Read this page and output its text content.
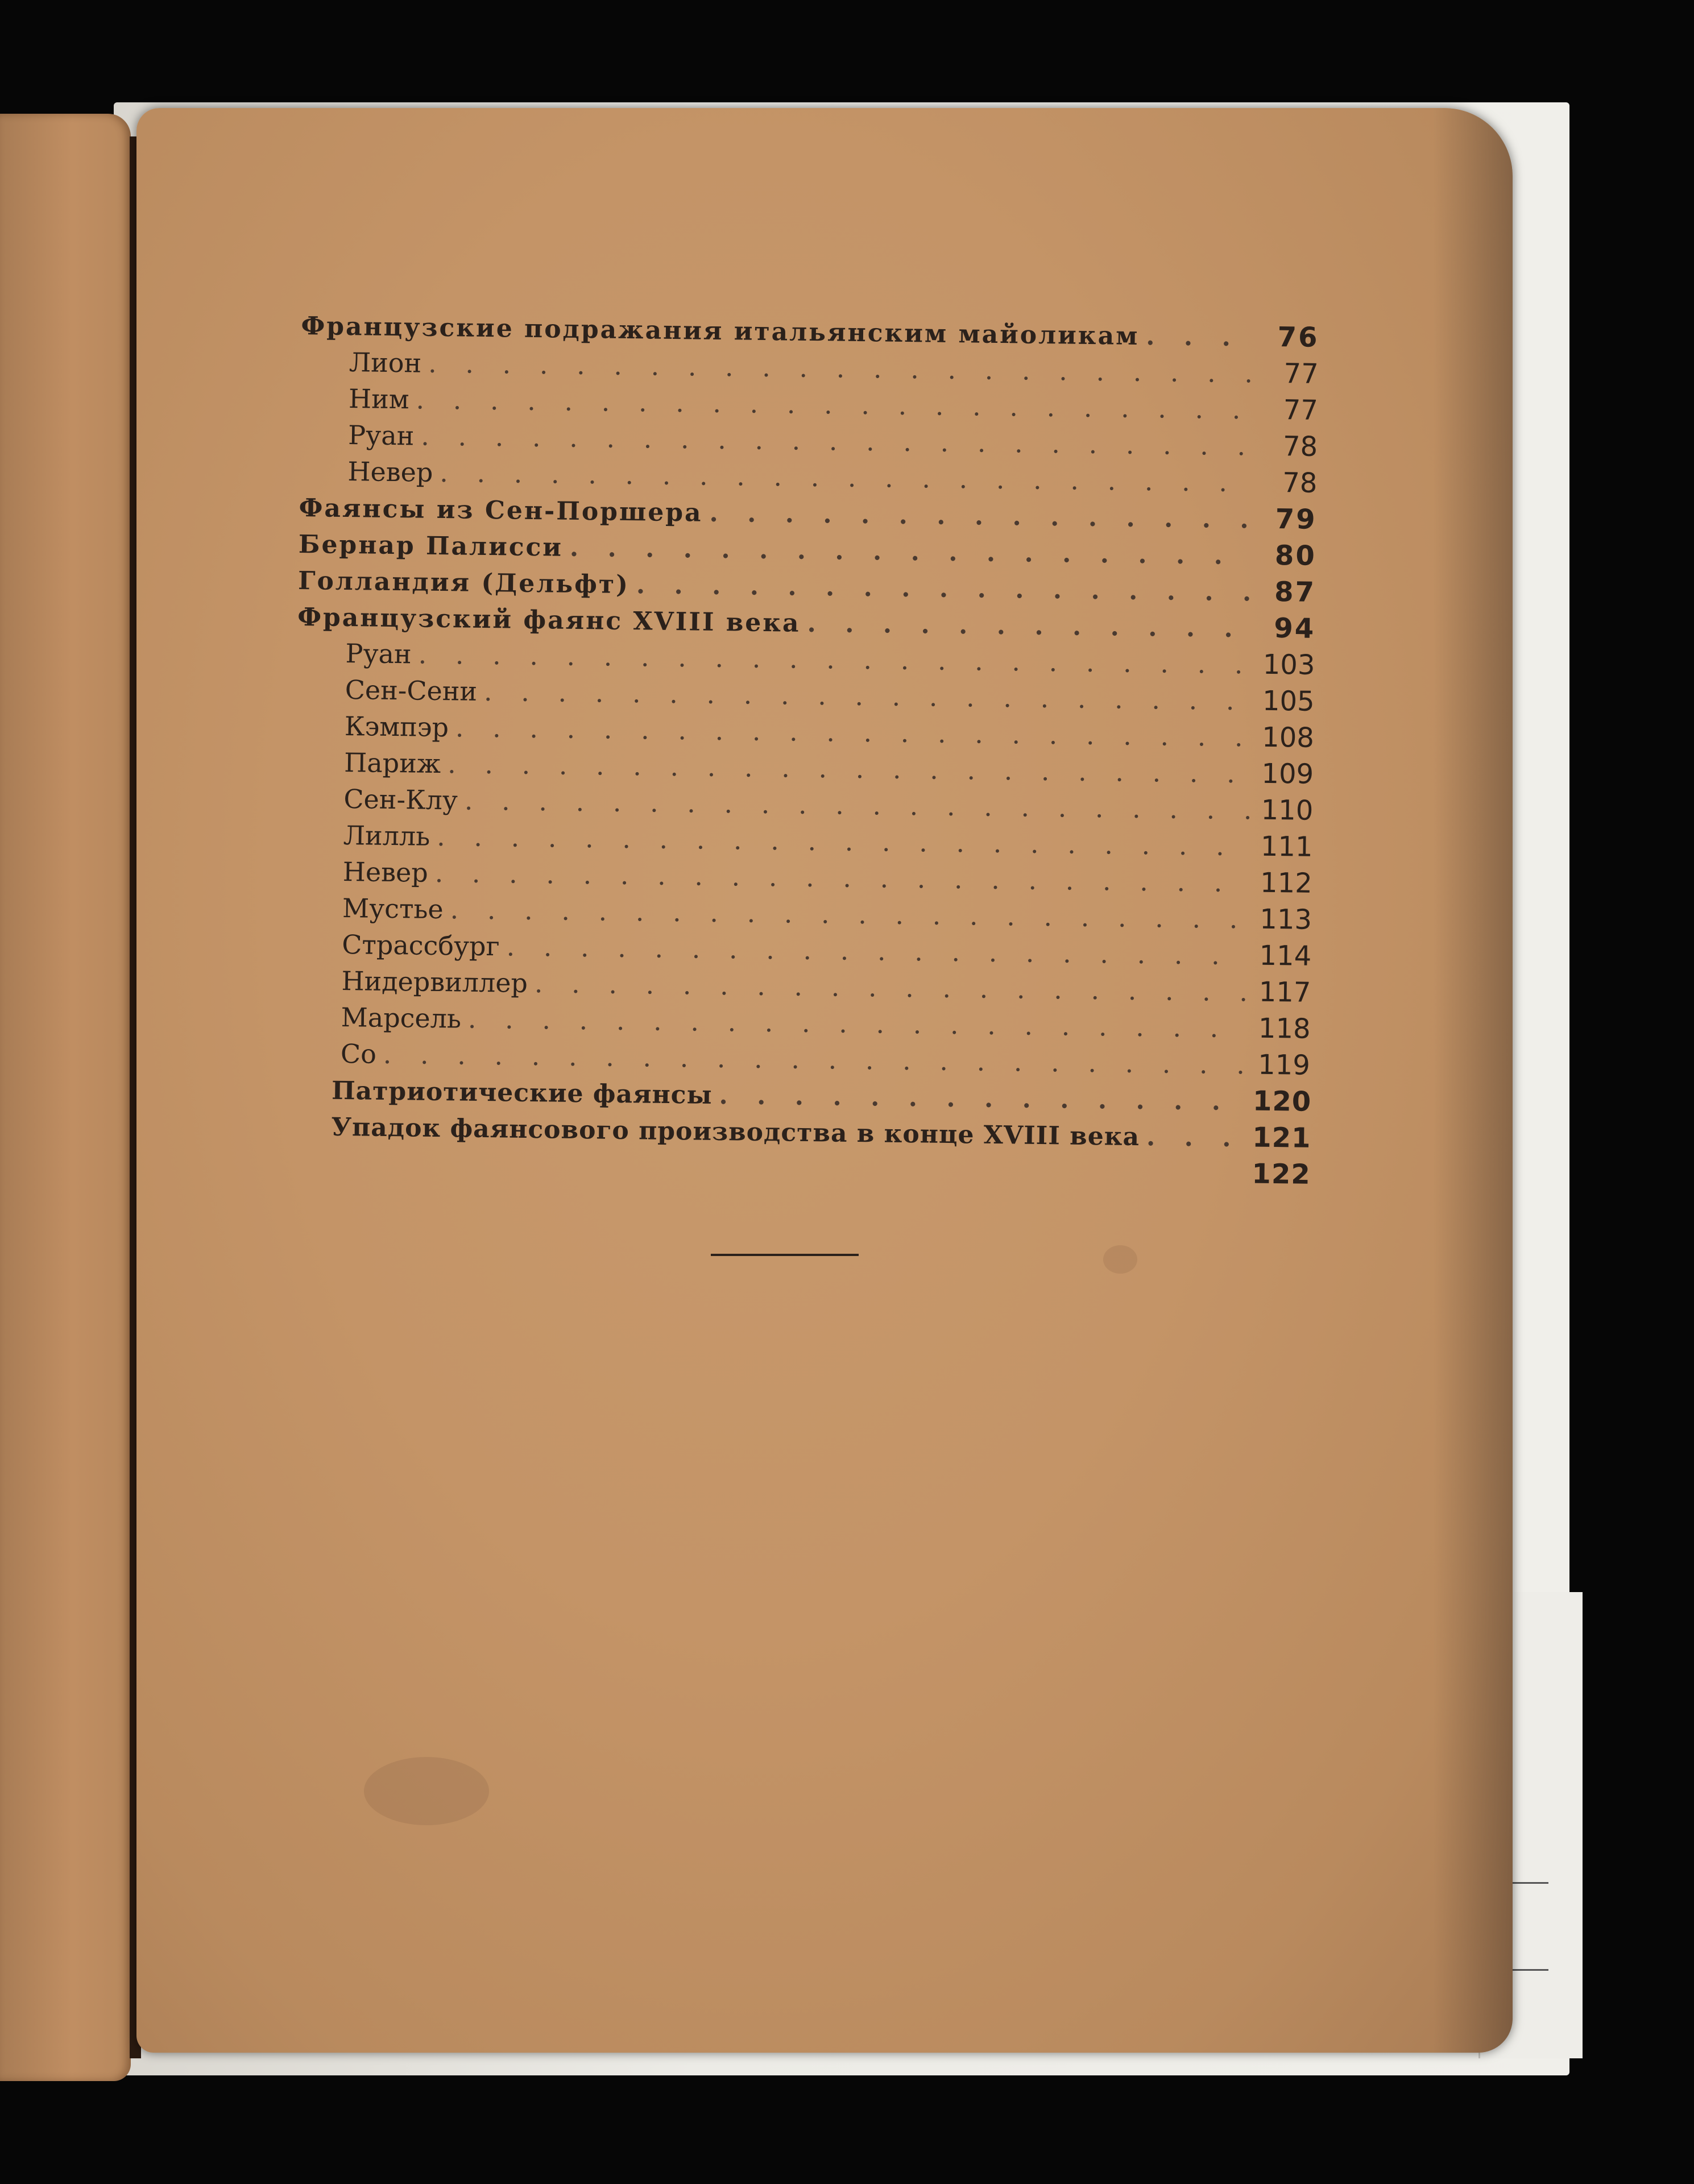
Французские подражания итальянским майоликам . . .	76
Лион . . .	77
Ним . . .	77
Руан . . .	78
Невер . . .	78
Фаянсы из Сен-Поршера . . .	79
Бернар Палисси . . .	80
Голландия (Дельфт) . . .	87
Французский фаянс XVIII века . . .	94
Руан . . .	103
Сен-Сени . . .	105
Кэмпэр . . .	108
Париж . . .	109
Сен-Клу . . .	110
Лилль . . .	111
Невер . . .	112
Мустье . . .	113
Страссбург . . .	114
Нидервиллер . . .	117
Марсель . . .	118
Со . . .	119
Патриотические фаянсы . . .	120
Упадок фаянсового производства в конце XVIII века . . .	121
122
